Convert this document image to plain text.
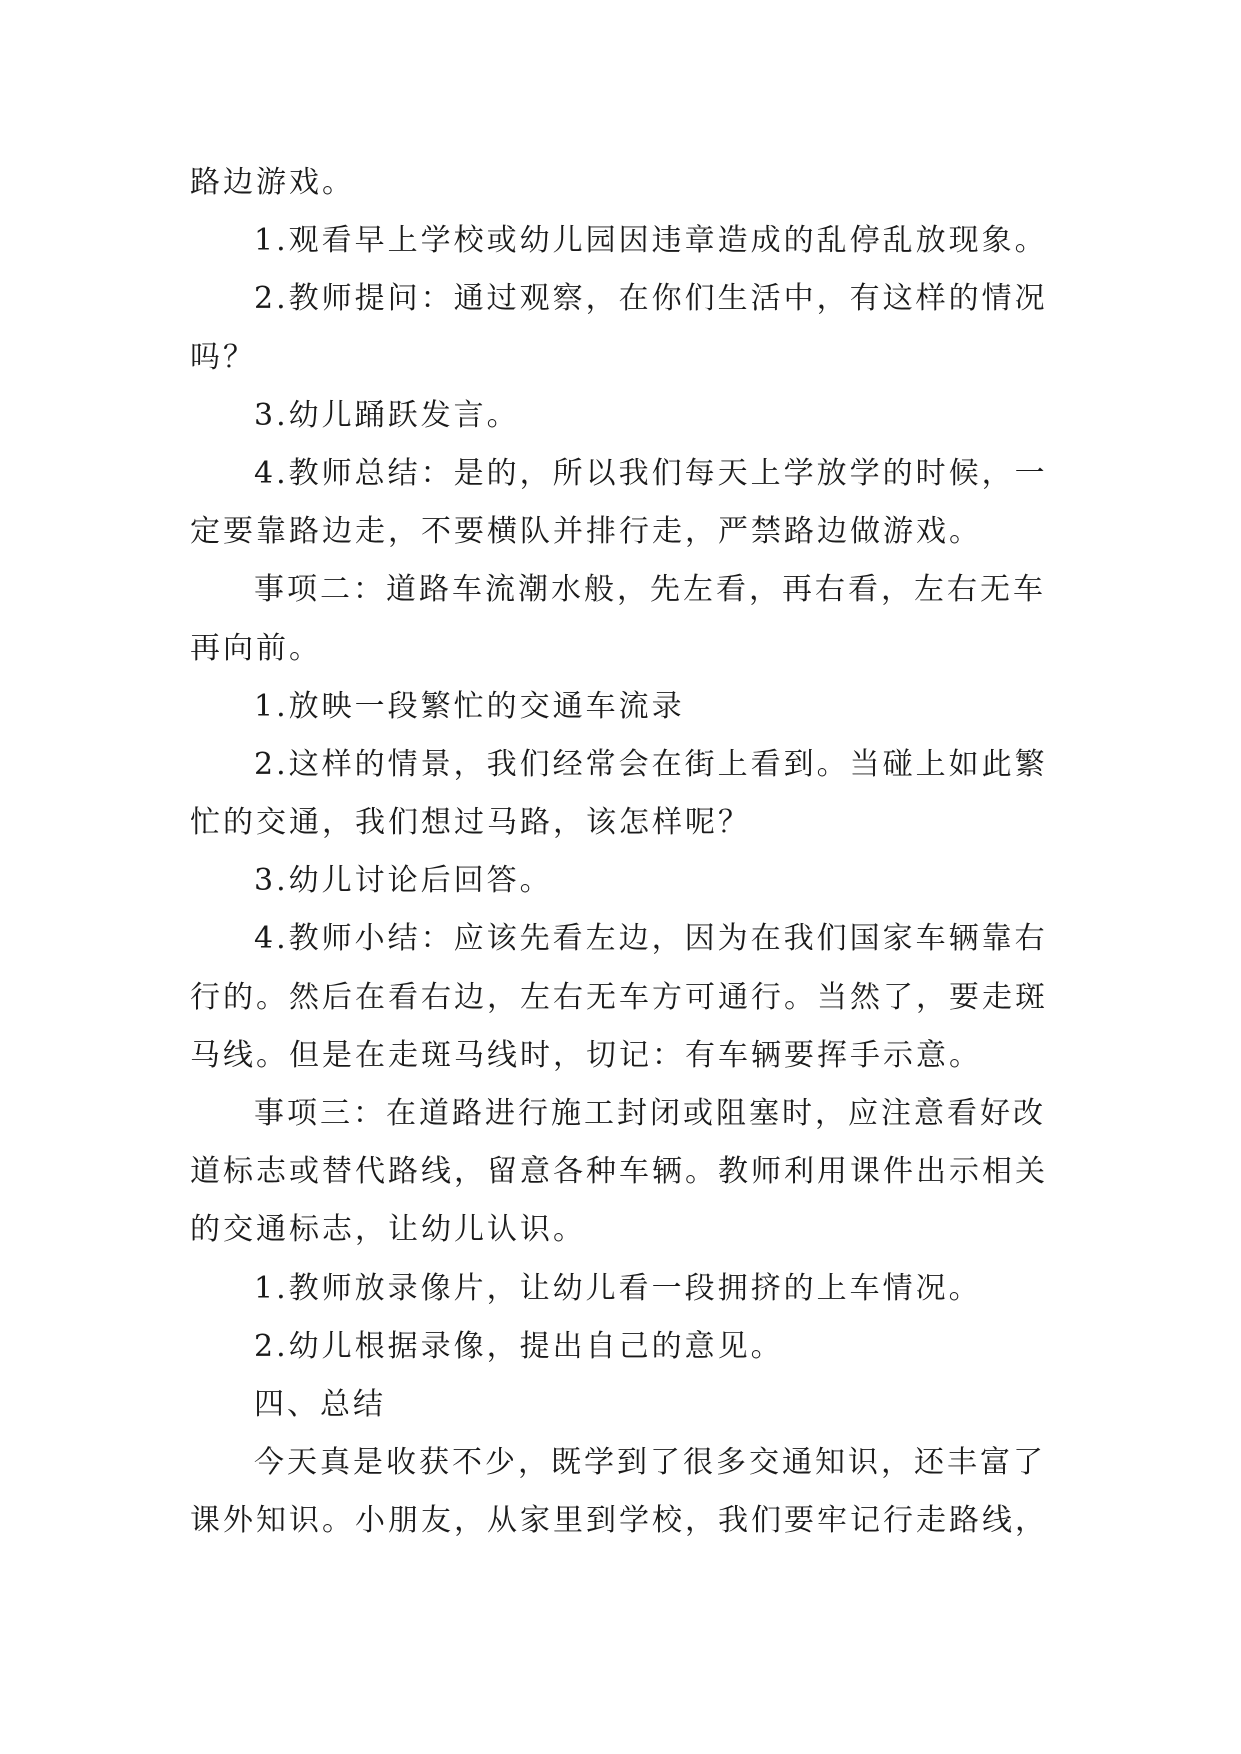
路边游戏。
1.观看早上学校或幼儿园因违章造成的乱停乱放现象。
2.教师提问：通过观察，在你们生活中，有这样的情况
吗？
3.幼儿踊跃发言。
4.教师总结：是的，所以我们每天上学放学的时候，一
定要靠路边走，不要横队并排行走，严禁路边做游戏。
事项二：道路车流潮水般，先左看，再右看，左右无车
再向前。
1.放映一段繁忙的交通车流录
2.这样的情景，我们经常会在街上看到。当碰上如此繁
忙的交通，我们想过马路，该怎样呢？
3.幼儿讨论后回答。
4.教师小结：应该先看左边，因为在我们国家车辆靠右
行的。然后在看右边，左右无车方可通行。当然了，要走斑
马线。但是在走斑马线时，切记：有车辆要挥手示意。
事项三：在道路进行施工封闭或阻塞时，应注意看好改
道标志或替代路线，留意各种车辆。教师利用课件出示相关
的交通标志，让幼儿认识。
1.教师放录像片，让幼儿看一段拥挤的上车情况。
2.幼儿根据录像，提出自己的意见。
四、总结
今天真是收获不少，既学到了很多交通知识，还丰富了
课外知识。小朋友，从家里到学校，我们要牢记行走路线，
